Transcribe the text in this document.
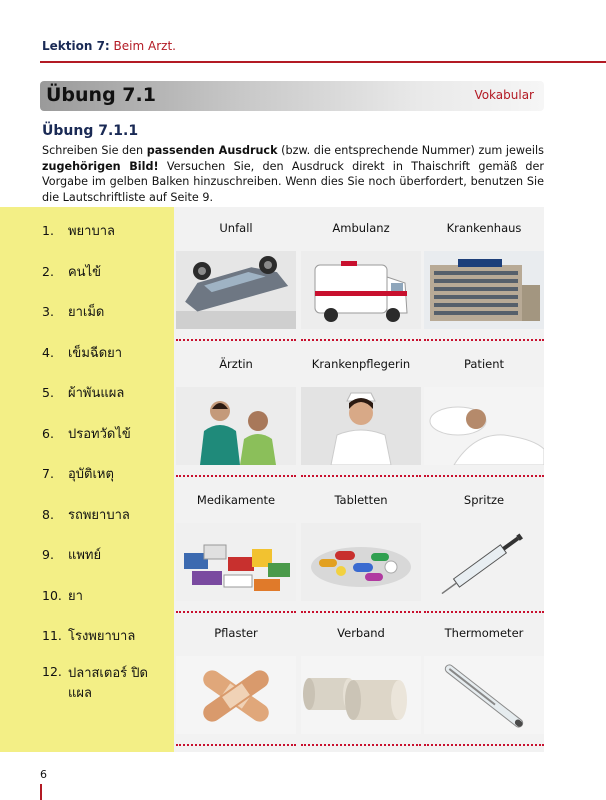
Lektion 7: Beim Arzt.
Übung 7.1	Vokabular
Übung 7.1.1
Schreiben Sie den passenden Ausdruck (bzw. die entsprechende Nummer) zum jeweils zugehörigen Bild! Versuchen Sie, den Ausdruck direkt in Thaischrift gemäß der Vorgabe im gelben Balken hinzuschreiben. Wenn dies Sie noch überfordert, benutzen Sie die Lautschriftliste auf Seite 9.
1. พยาบาล
2. คนไข้
3. ยาเม็ด
4. เข็มฉีดยา
5. ผ้าพันแผล
6. ปรอทวัดไข้
7. อุบัติเหตุ
8. รถพยาบาล
9. แพทย์
10. ยา
11. โรงพยาบาล
12. ปลาสเตอร์ ปิดแผล
Unfall	Ambulanz	Krankenhaus
Ärztin	Krankenpflegerin	Patient
Medikamente	Tabletten	Spritze
Pflaster	Verband	Thermometer
6
